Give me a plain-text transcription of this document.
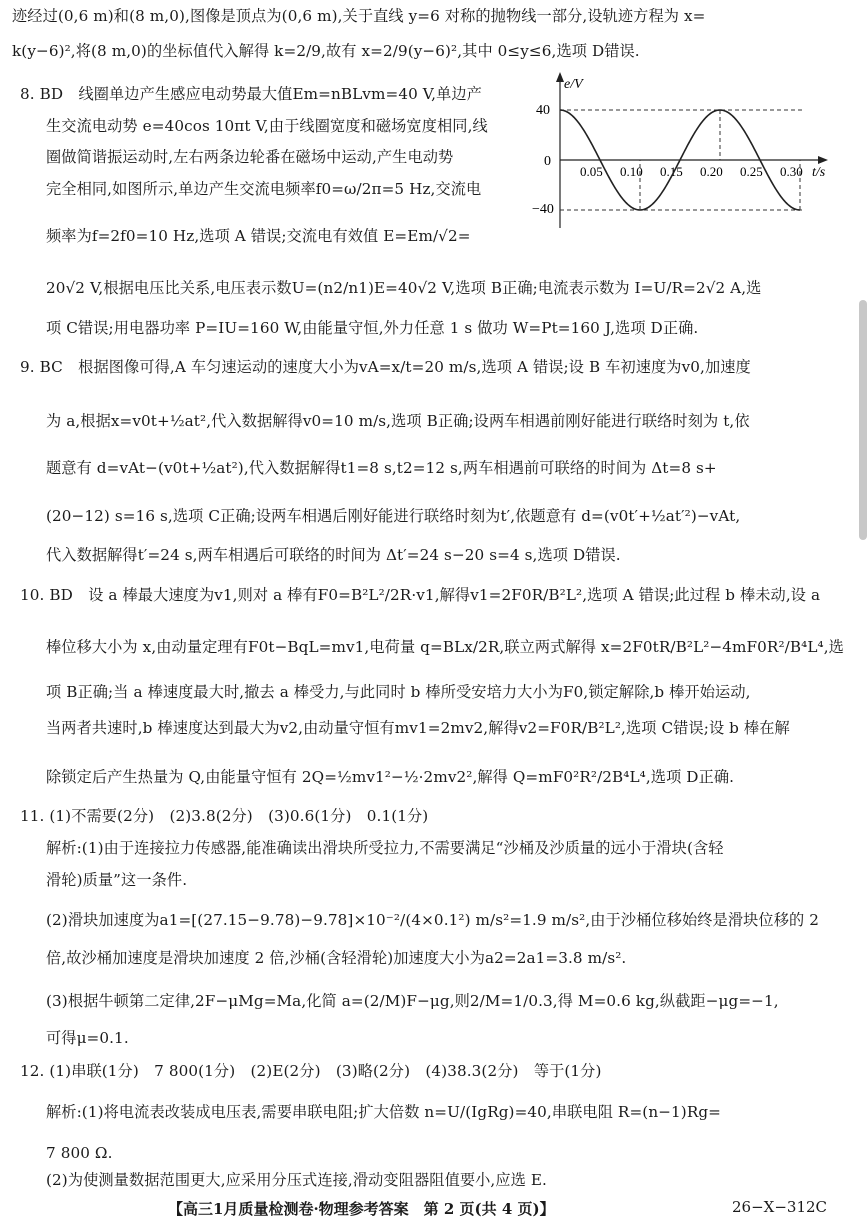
迹经过(0,6 m)和(8 m,0),图像是顶点为(0,6 m),关于直线 y=6 对称的抛物线一部分,设轨迹方程为 x=
k(y−6)²,将(8 m,0)的坐标值代入解得 k=2/9,故有 x=2/9(y−6)²,其中 0≤y≤6,选项 D错误.
8. BD　线圈单边产生感应电动势最大值Em=nBLvm=40 V,单边产
生交流电动势 e=40cos 10πt V,由于线圈宽度和磁场宽度相同,线
圈做简谐振运动时,左右两条边轮番在磁场中运动,产生电动势
完全相同,如图所示,单边产生交流电频率f0=ω/2π=5 Hz,交流电
频率为f=2f0=10 Hz,选项 A 错误;交流电有效值 E=Em/√2=
e/V
t/s
0
40
−40
0.05 0.10 0.15 0.20 0.25 0.30
20√2 V,根据电压比关系,电压表示数U=(n2/n1)E=40√2 V,选项 B正确;电流表示数为 I=U/R=2√2 A,选
项 C错误;用电器功率 P=IU=160 W,由能量守恒,外力任意 1 s 做功 W=Pt=160 J,选项 D正确.
9. BC　根据图像可得,A 车匀速运动的速度大小为vA=x/t=20 m/s,选项 A 错误;设 B 车初速度为v0,加速度
为 a,根据x=v0t+½at²,代入数据解得v0=10 m/s,选项 B正确;设两车相遇前刚好能进行联络时刻为 t,依
题意有 d=vAt−(v0t+½at²),代入数据解得t1=8 s,t2=12 s,两车相遇前可联络的时间为 Δt=8 s+
(20−12) s=16 s,选项 C正确;设两车相遇后刚好能进行联络时刻为t′,依题意有 d=(v0t′+½at′²)−vAt,
代入数据解得t′=24 s,两车相遇后可联络的时间为 Δt′=24 s−20 s=4 s,选项 D错误.
10. BD　设 a 棒最大速度为v1,则对 a 棒有F0=B²L²/2R·v1,解得v1=2F0R/B²L²,选项 A 错误;此过程 b 棒未动,设 a
棒位移大小为 x,由动量定理有F0t−BqL=mv1,电荷量 q=BLx/2R,联立两式解得 x=2F0tR/B²L²−4mF0R²/B⁴L⁴,选
项 B正确;当 a 棒速度最大时,撤去 a 棒受力,与此同时 b 棒所受安培力大小为F0,锁定解除,b 棒开始运动,
当两者共速时,b 棒速度达到最大为v2,由动量守恒有mv1=2mv2,解得v2=F0R/B²L²,选项 C错误;设 b 棒在解
除锁定后产生热量为 Q,由能量守恒有 2Q=½mv1²−½·2mv2²,解得 Q=mF0²R²/2B⁴L⁴,选项 D正确.
11. (1)不需要(2分)　(2)3.8(2分)　(3)0.6(1分)　0.1(1分)
解析:(1)由于连接拉力传感器,能准确读出滑块所受拉力,不需要满足“沙桶及沙质量的远小于滑块(含轻
滑轮)质量”这一条件.
(2)滑块加速度为a1=[(27.15−9.78)−9.78]×10⁻²/(4×0.1²) m/s²=1.9 m/s²,由于沙桶位移始终是滑块位移的 2
倍,故沙桶加速度是滑块加速度 2 倍,沙桶(含轻滑轮)加速度大小为a2=2a1=3.8 m/s².
(3)根据牛顿第二定律,2F−μMg=Ma,化简 a=(2/M)F−μg,则2/M=1/0.3,得 M=0.6 kg,纵截距−μg=−1,
可得μ=0.1.
12. (1)串联(1分)　7 800(1分)　(2)E(2分)　(3)略(2分)　(4)38.3(2分)　等于(1分)
解析:(1)将电流表改装成电压表,需要串联电阻;扩大倍数 n=U/(IgRg)=40,串联电阻 R=(n−1)Rg=
7 800 Ω.
(2)为使测量数据范围更大,应采用分压式连接,滑动变阻器阻值要小,应选 E.
【高三1月质量检测卷·物理参考答案　第 2 页(共 4 页)】	26−X−312C
